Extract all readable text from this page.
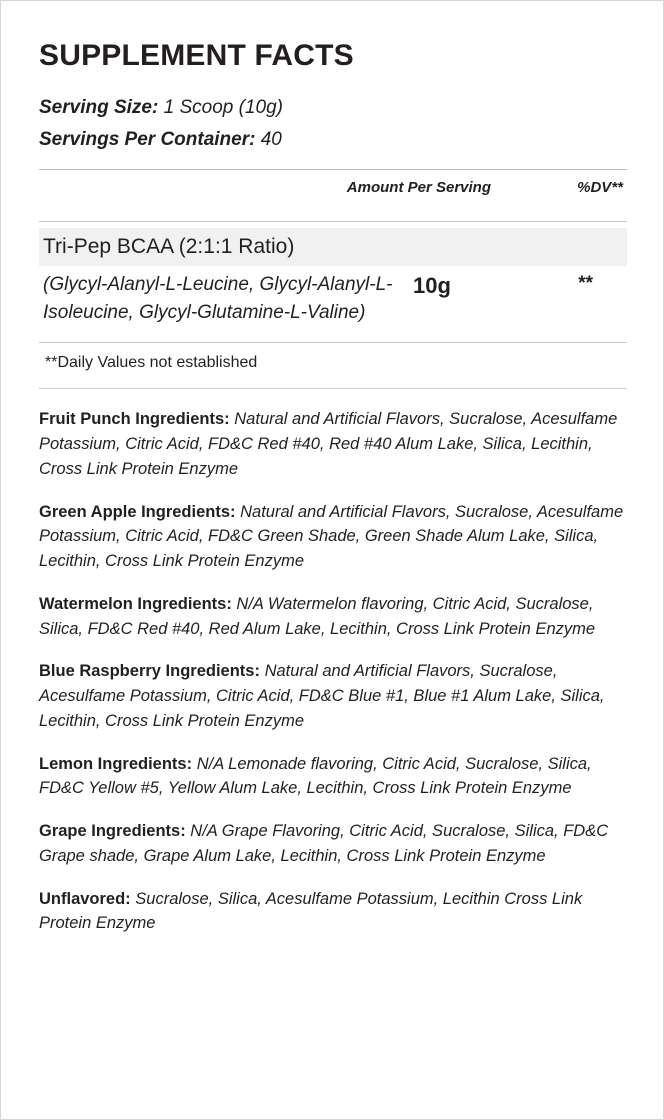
SUPPLEMENT FACTS
Serving Size: 1 Scoop (10g)
Servings Per Container: 40
Amount Per Serving	%DV**
Tri-Pep BCAA (2:1:1 Ratio)
(Glycyl-Alanyl-L-Leucine, Glycyl-Alanyl-L-Isoleucine, Glycyl-Glutamine-L-Valine)
10g	**
**Daily Values not established
Fruit Punch Ingredients: Natural and Artificial Flavors, Sucralose, Acesulfame Potassium, Citric Acid, FD&C Red #40, Red #40 Alum Lake, Silica, Lecithin, Cross Link Protein Enzyme
Green Apple Ingredients: Natural and Artificial Flavors, Sucralose, Acesulfame Potassium, Citric Acid, FD&C Green Shade, Green Shade Alum Lake, Silica, Lecithin, Cross Link Protein Enzyme
Watermelon Ingredients: N/A Watermelon flavoring, Citric Acid, Sucralose, Silica, FD&C Red #40, Red Alum Lake, Lecithin, Cross Link Protein Enzyme
Blue Raspberry Ingredients: Natural and Artificial Flavors, Sucralose, Acesulfame Potassium, Citric Acid, FD&C Blue #1, Blue #1 Alum Lake, Silica, Lecithin, Cross Link Protein Enzyme
Lemon Ingredients: N/A Lemonade flavoring, Citric Acid, Sucralose, Silica, FD&C Yellow #5, Yellow Alum Lake, Lecithin, Cross Link Protein Enzyme
Grape Ingredients: N/A Grape Flavoring, Citric Acid, Sucralose, Silica, FD&C Grape shade, Grape Alum Lake, Lecithin, Cross Link Protein Enzyme
Unflavored: Sucralose, Silica, Acesulfame Potassium, Lecithin Cross Link Protein Enzyme
